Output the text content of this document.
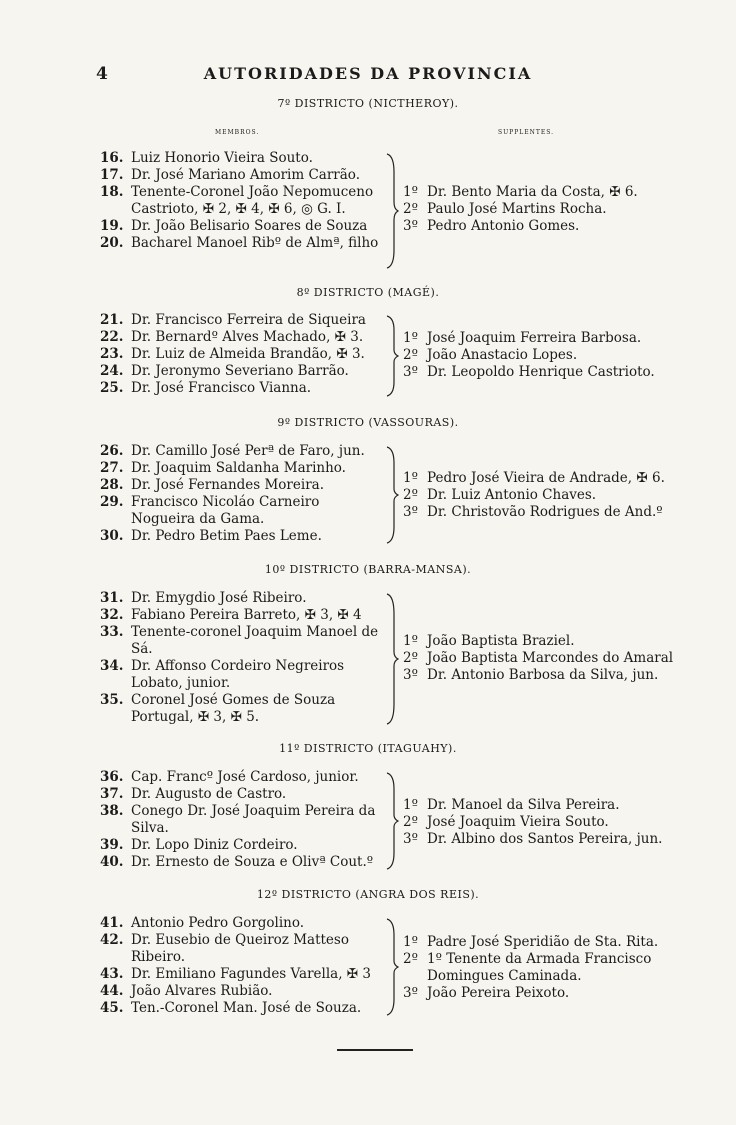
4	AUTORIDADES DA PROVINCIA
7º DISTRICTO (NICTHEROY).
MEMBROS.	SUPPLENTES.
16. Luiz Honorio Vieira Souto.
17. Dr. José Mariano Amorim Carrão.
18. Tenente-Coronel João Nepomuceno Castrioto, ✠ 2, ✠ 4, ✠ 6, ◎ G. I.
19. Dr. João Belisario Soares de Souza
20. Bacharel Manoel Ribº de Almª, filho
1º Dr. Bento Maria da Costa, ✠ 6.
2º Paulo José Martins Rocha.
3º Pedro Antonio Gomes.
8º DISTRICTO (MAGÉ).
21. Dr. Francisco Ferreira de Siqueira
22. Dr. Bernardº Alves Machado, ✠ 3.
23. Dr. Luiz de Almeida Brandão, ✠ 3.
24. Dr. Jeronymo Severiano Barrão.
25. Dr. José Francisco Vianna.
1º José Joaquim Ferreira Barbosa.
2º João Anastacio Lopes.
3º Dr. Leopoldo Henrique Castrioto.
9º DISTRICTO (VASSOURAS).
26. Dr. Camillo José Perª de Faro, jun.
27. Dr. Joaquim Saldanha Marinho.
28. Dr. José Fernandes Moreira.
29. Francisco Nicoláo Carneiro Nogueira da Gama.
30. Dr. Pedro Betim Paes Leme.
1º Pedro José Vieira de Andrade, ✠ 6.
2º Dr. Luiz Antonio Chaves.
3º Dr. Christovão Rodrigues de And.º
10º DISTRICTO (BARRA-MANSA).
31. Dr. Emygdio José Ribeiro.
32. Fabiano Pereira Barreto, ✠ 3, ✠ 4
33. Tenente-coronel Joaquim Manoel de Sá.
34. Dr. Affonso Cordeiro Negreiros Lobato, junior.
35. Coronel José Gomes de Souza Portugal, ✠ 3, ✠ 5.
1º João Baptista Braziel.
2º João Baptista Marcondes do Amaral
3º Dr. Antonio Barbosa da Silva, jun.
11º DISTRICTO (ITAGUAHY).
36. Cap. Francº José Cardoso, junior.
37. Dr. Augusto de Castro.
38. Conego Dr. José Joaquim Pereira da Silva.
39. Dr. Lopo Diniz Cordeiro.
40. Dr. Ernesto de Souza e Olivª Cout.º
1º Dr. Manoel da Silva Pereira.
2º José Joaquim Vieira Souto.
3º Dr. Albino dos Santos Pereira, jun.
12º DISTRICTO (ANGRA DOS REIS).
41. Antonio Pedro Gorgolino.
42. Dr. Eusebio de Queiroz Matteso Ribeiro.
43. Dr. Emiliano Fagundes Varella, ✠ 3
44. João Alvares Rubião.
45. Ten.-Coronel Man. José de Souza.
1º Padre José Speridião de Sta. Rita.
2º 1º Tenente da Armada Francisco Domingues Caminada.
3º João Pereira Peixoto.
